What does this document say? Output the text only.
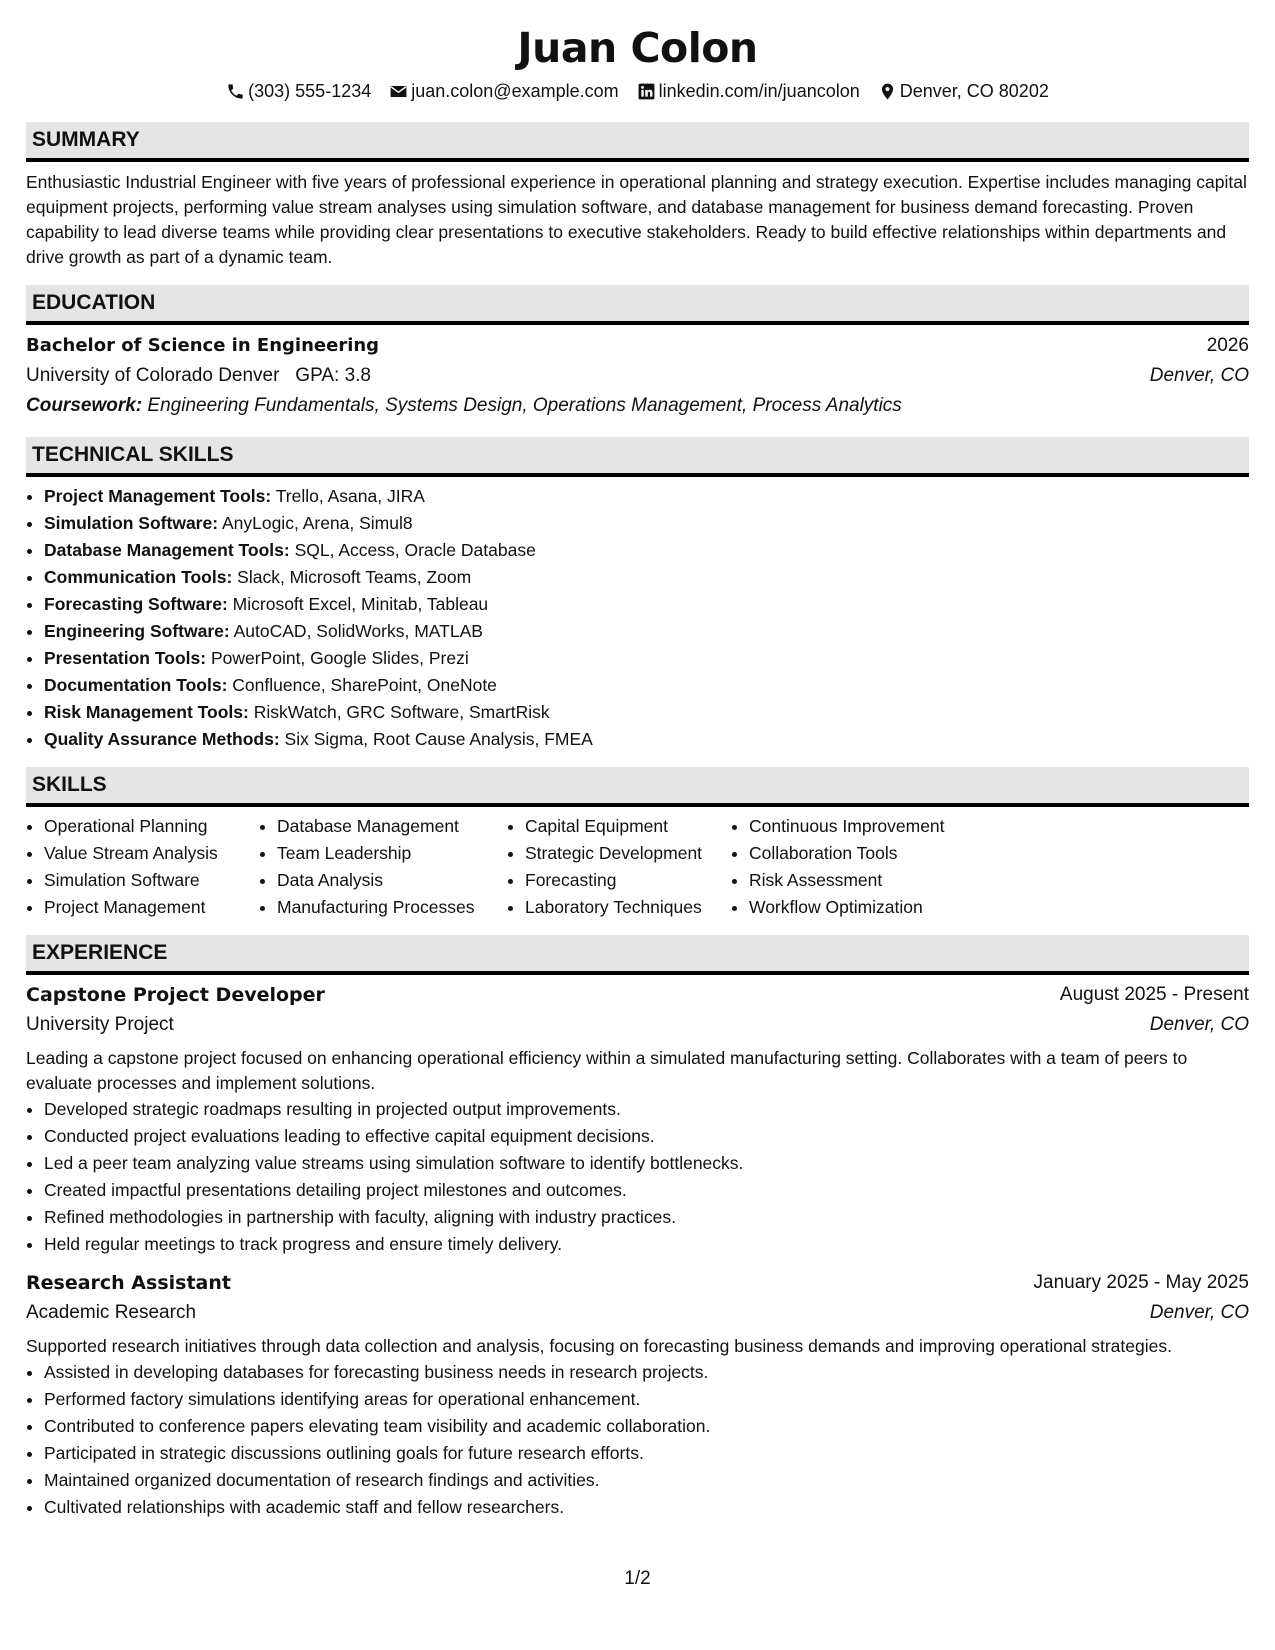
Juan Colon
(303) 555-1234 juan.colon@example.com linkedin.com/in/juancolon Denver, CO 80202
SUMMARY

Enthusiastic Industrial Engineer with five years of professional experience in operational planning and strategy execution. Expertise includes managing capital equipment projects, performing value stream analyses using simulation software, and database management for business demand forecasting. Proven capability to lead diverse teams while providing clear presentations to executive stakeholders. Ready to build effective relationships within departments and drive growth as part of a dynamic team.

EDUCATION
Bachelor of Science in Engineering	2026
University of Colorado Denver GPA: 3.8	Denver, CO
Coursework: Engineering Fundamentals, Systems Design, Operations Management, Process Analytics
TECHNICAL SKILLS
• Project Management Tools: Trello, Asana, JIRA
• Simulation Software: AnyLogic, Arena, Simul8
• Database Management Tools: SQL, Access, Oracle Database
• Communication Tools: Slack, Microsoft Teams, Zoom
• Forecasting Software: Microsoft Excel, Minitab, Tableau
• Engineering Software: AutoCAD, SolidWorks, MATLAB
• Presentation Tools: PowerPoint, Google Slides, Prezi
• Documentation Tools: Confluence, SharePoint, OneNote
• Risk Management Tools: RiskWatch, GRC Software, SmartRisk
• Quality Assurance Methods: Six Sigma, Root Cause Analysis, FMEA
SKILLS
• Operational Planning
• Value Stream Analysis
• Simulation Software
• Project Management
• Database Management
• Team Leadership
• Data Analysis
• Manufacturing Processes
• Capital Equipment
• Strategic Development
• Forecasting
• Laboratory Techniques
• Continuous Improvement
• Collaboration Tools
• Risk Assessment
• Workflow Optimization
EXPERIENCE
Capstone Project Developer	August 2025 - Present
University Project	Denver, CO
Leading a capstone project focused on enhancing operational efficiency within a simulated manufacturing setting. Collaborates with a team of peers to evaluate processes and implement solutions.
• Developed strategic roadmaps resulting in projected output improvements.
• Conducted project evaluations leading to effective capital equipment decisions.
• Led a peer team analyzing value streams using simulation software to identify bottlenecks.
• Created impactful presentations detailing project milestones and outcomes.
• Refined methodologies in partnership with faculty, aligning with industry practices.
• Held regular meetings to track progress and ensure timely delivery.
Research Assistant	January 2025 - May 2025
Academic Research	Denver, CO
Supported research initiatives through data collection and analysis, focusing on forecasting business demands and improving operational strategies.
• Assisted in developing databases for forecasting business needs in research projects.
• Performed factory simulations identifying areas for operational enhancement.
• Contributed to conference papers elevating team visibility and academic collaboration.
• Participated in strategic discussions outlining goals for future research efforts.
• Maintained organized documentation of research findings and activities.
• Cultivated relationships with academic staff and fellow researchers.
1/2
